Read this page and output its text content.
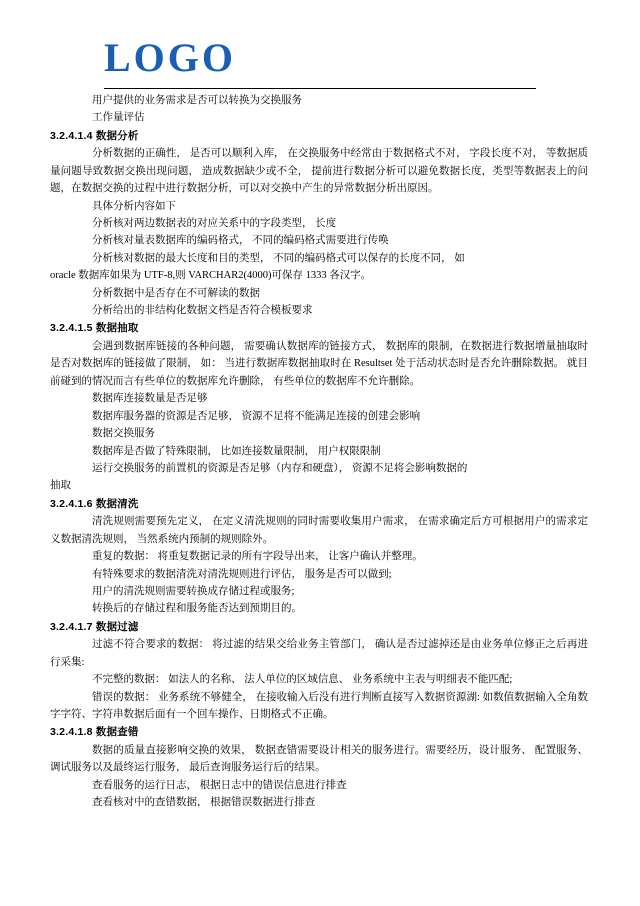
LOGO

用户提供的业务需求是否可以转换为交换服务

工作量评估

3.2.4.1.4 数据分析

分析数据的正确性， 是否可以顺利入库， 在交换服务中经常由于数据格式不对， 字段长度不对， 等数据质量问题导致数据交换出现问题， 造成数据缺少或不全， 提前进行数据分析可以避免数据长度，类型等数据表上的问题，在数据交换的过程中进行数据分析，可以对交换中产生的异常数据分析出原因。

具体分析内容如下

分析核对两边数据表的对应关系中的字段类型， 长度

分析核对量表数据库的编码格式， 不同的编码格式需要进行传唤

分析核对数据的最大长度和目的类型， 不同的编码格式可以保存的长度不同， 如

oracle 数据库如果为 UTF-8,则 VARCHAR2(4000)可保存 1333 各汉字。

分析数据中是否存在不可解读的数据

分析给出的非结构化数据文档是否符合模板要求

3.2.4.1.5 数据抽取

会遇到数据库链接的各种问题， 需要确认数据库的链接方式， 数据库的限制，在数据进行数据增量抽取时是否对数据库的链接做了限制， 如： 当进行数据库数据抽取时在 Resultset 处于活动状态时是否允许删除数据。 就目前碰到的情况而言有些单位的数据库允许删除， 有些单位的数据库不允许删除。

数据库连接数量是否足够

数据库服务器的资源是否足够， 资源不足将不能满足连接的创建会影响

数据交换服务

数据库是否做了特殊限制， 比如连接数量限制， 用户权限限制

运行交换服务的前置机的资源是否足够（内存和硬盘）， 资源不足将会影响数据的

抽取

3.2.4.1.6 数据清洗

清洗规则需要预先定义， 在定义清洗规则的同时需要收集用户需求， 在需求确定后方可根据用户的需求定义数据清洗规则， 当然系统内预制的规则除外。

重复的数据： 将重复数据记录的所有字段导出来， 让客户确认并整理。

有特殊要求的数据清洗对清洗规则进行评估， 服务是否可以做到;

用户的清洗规则需要转换成存储过程或服务;

转换后的存储过程和服务能否达到预期目的。

3.2.4.1.7 数据过滤

过滤不符合要求的数据： 将过滤的结果交给业务主管部门， 确认是否过滤掉还是由业务单位修正之后再进行采集:

不完整的数据： 如法人的名称、 法人单位的区域信息、 业务系统中主表与明细表不能匹配;

错误的数据： 业务系统不够健全， 在接收输入后没有进行判断直接写入数据资源湖: 如数值数据输入全角数字字符、字符串数据后面有一个回车操作、日期格式不正确。

3.2.4.1.8 数据查错

数据的质量直接影响交换的效果， 数据查错需要设计相关的服务进行。需要经历，设计服务、 配置服务、 调试服务以及最终运行服务， 最后查询服务运行后的结果。

查看服务的运行日志， 根据日志中的错误信息进行排查

查看核对中的查错数据， 根据错误数据进行排查
